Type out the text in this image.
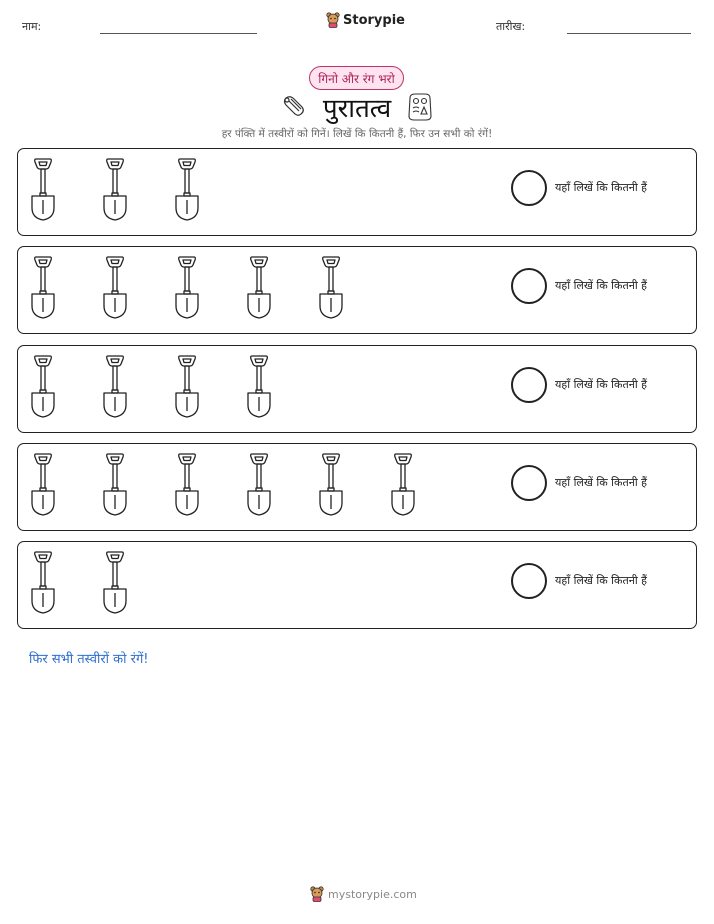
नाम:	Storypie	तारीख:
गिनो और रंग भरो
पुरातत्व
हर पंक्ति में तस्वीरों को गिनें। लिखें कि कितनी हैं, फिर उन सभी को रंगें!
यहाँ लिखें कि कितनी हैं
यहाँ लिखें कि कितनी हैं
यहाँ लिखें कि कितनी हैं
यहाँ लिखें कि कितनी हैं
यहाँ लिखें कि कितनी हैं
फिर सभी तस्वीरों को रंगें!
mystorypie.com
